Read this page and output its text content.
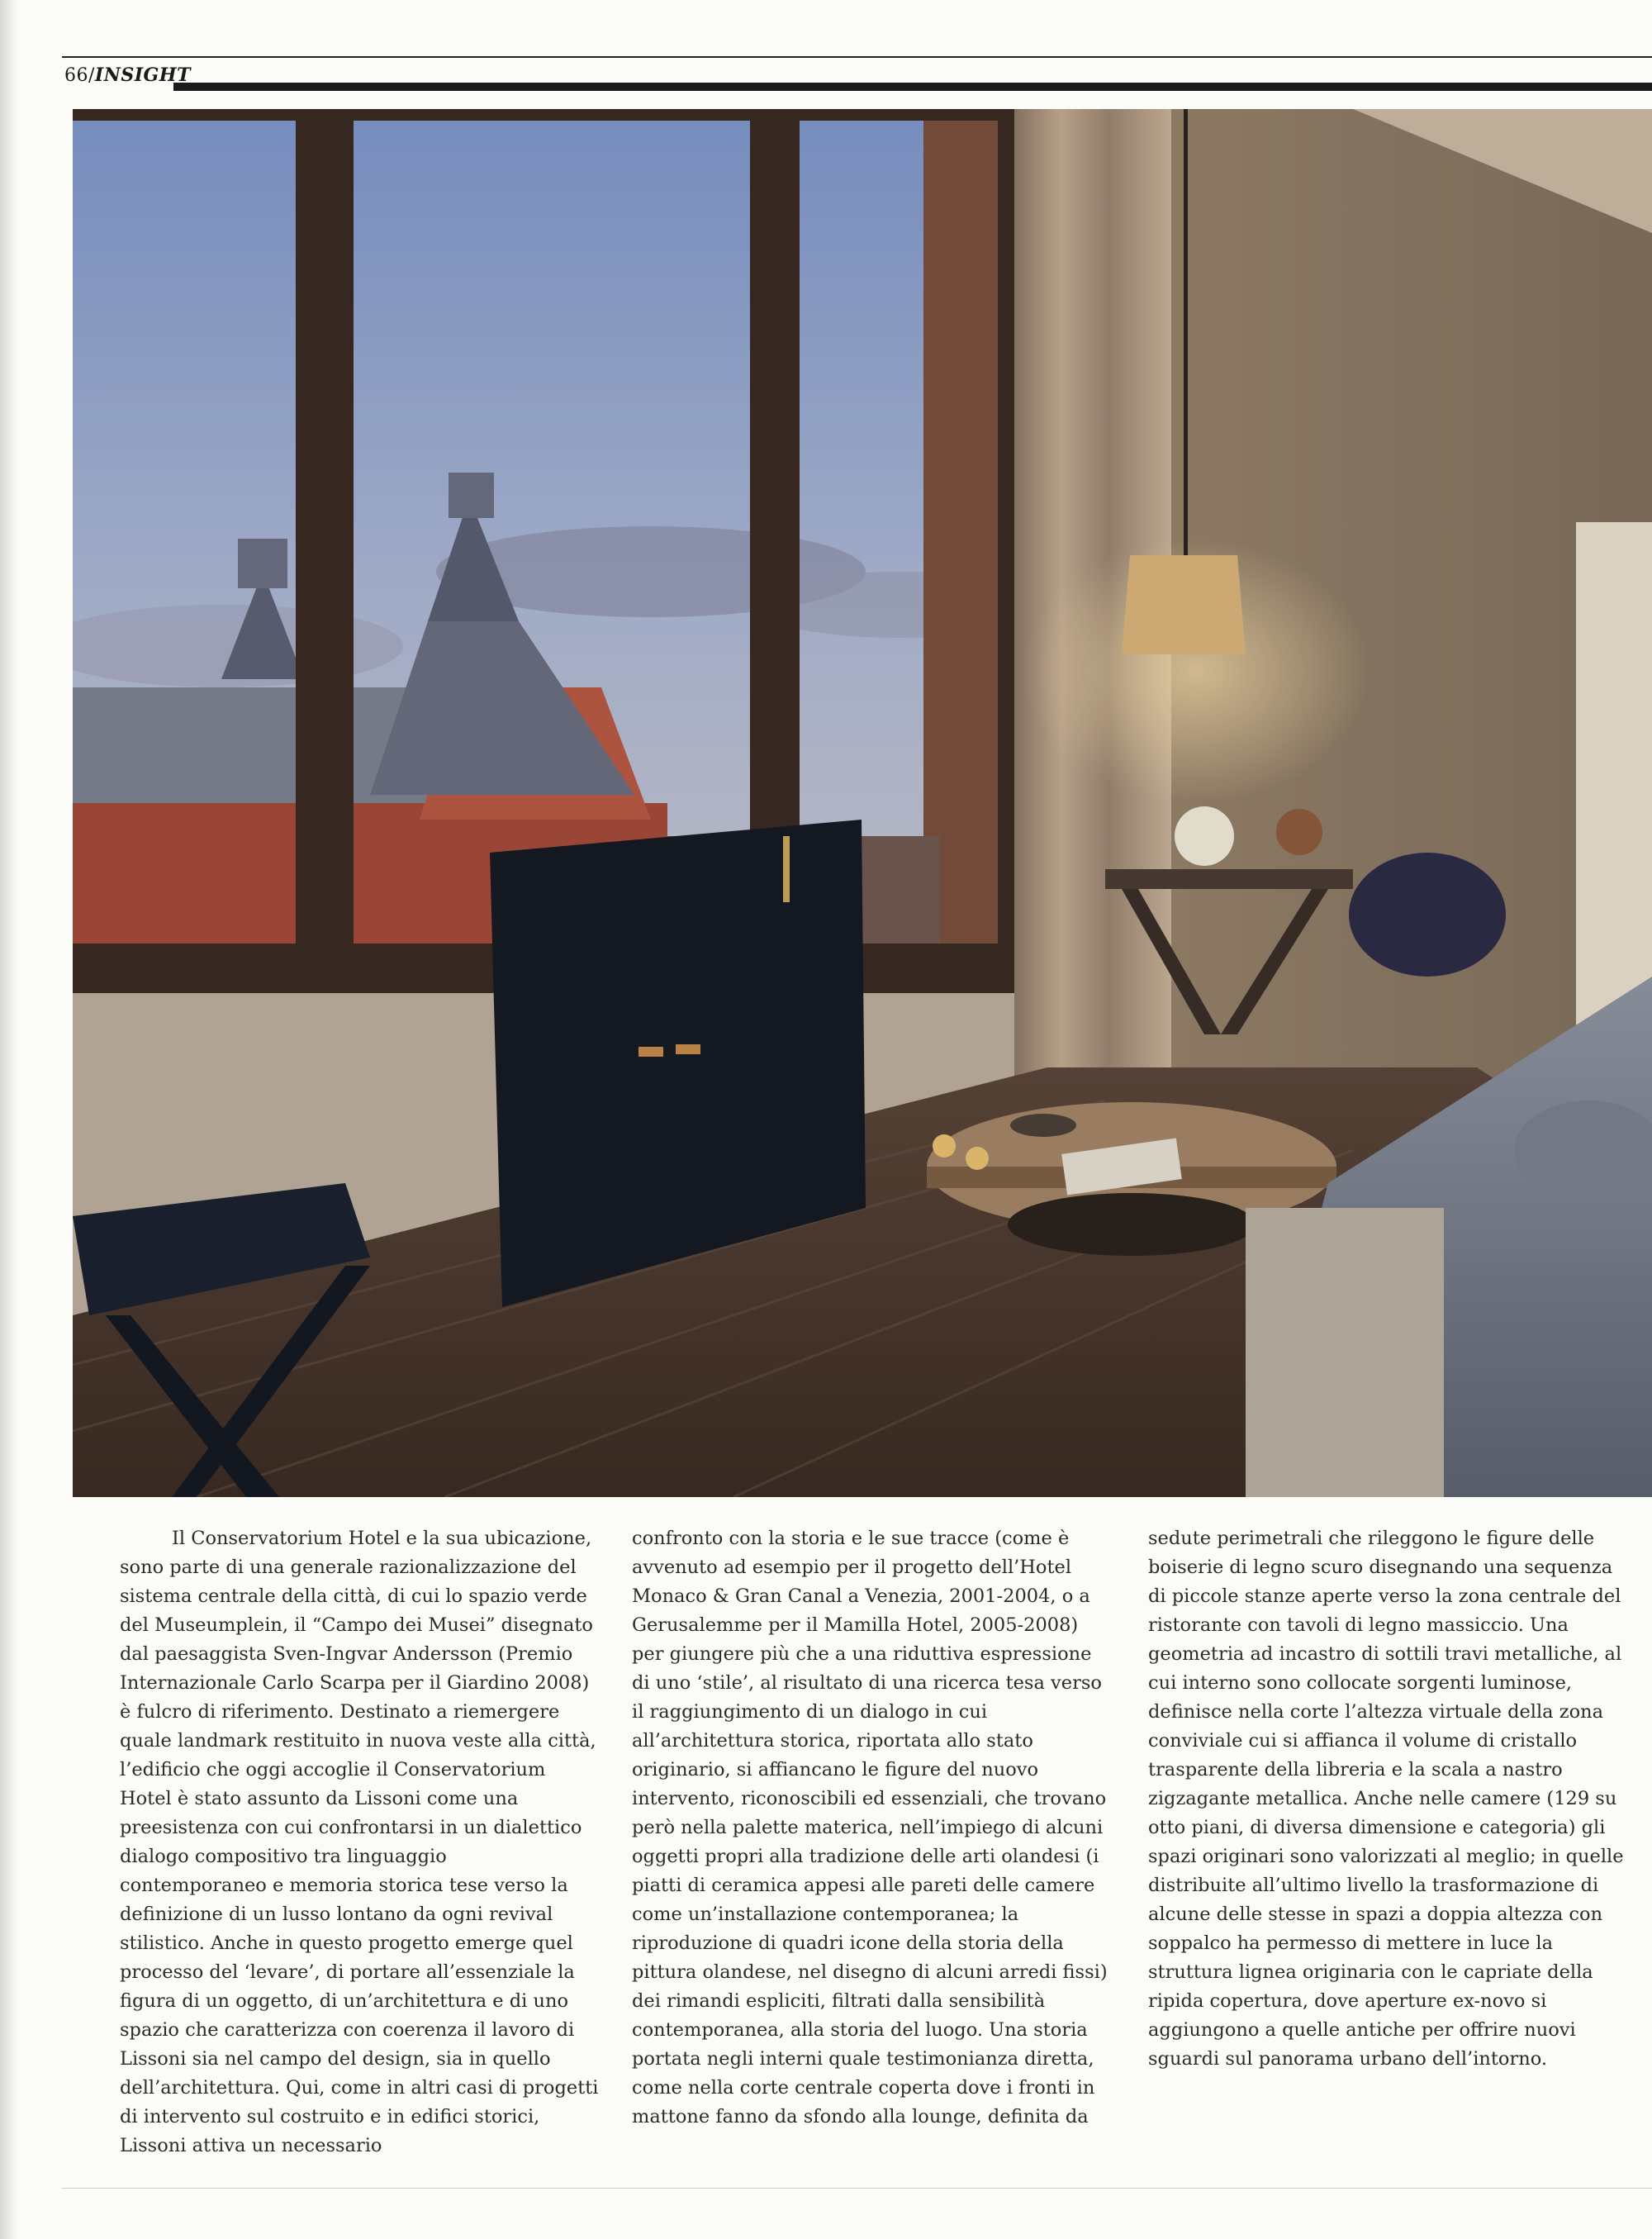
66/INSIGHT

Il Conservatorium Hotel e la sua ubicazione, sono parte di una generale razionalizzazione del sistema centrale della città, di cui lo spazio verde del Museumplein, il “Campo dei Musei” disegnato dal paesaggista Sven-Ingvar Andersson (Premio Internazionale Carlo Scarpa per il Giardino 2008) è fulcro di riferimento. Destinato a riemergere quale landmark restituito in nuova veste alla città, l’edificio che oggi accoglie il Conservatorium Hotel è stato assunto da Lissoni come una preesistenza con cui confrontarsi in un dialettico dialogo compositivo tra linguaggio contemporaneo e memoria storica tese verso la definizione di un lusso lontano da ogni revival stilistico. Anche in questo progetto emerge quel processo del ‘levare’, di portare all’essenziale la figura di un oggetto, di un’architettura e di uno spazio che caratterizza con coerenza il lavoro di Lissoni sia nel campo del design, sia in quello dell’architettura. Qui, come in altri casi di progetti di intervento sul costruito e in edifici storici, Lissoni attiva un necessario

confronto con la storia e le sue tracce (come è avvenuto ad esempio per il progetto dell’Hotel Monaco & Gran Canal a Venezia, 2001-2004, o a Gerusalemme per il Mamilla Hotel, 2005-2008) per giungere più che a una riduttiva espressione di uno ‘stile’, al risultato di una ricerca tesa verso il raggiungimento di un dialogo in cui all’architettura storica, riportata allo stato originario, si affiancano le figure del nuovo intervento, riconoscibili ed essenziali, che trovano però nella palette materica, nell’impiego di alcuni oggetti propri alla tradizione delle arti olandesi (i piatti di ceramica appesi alle pareti delle camere come un’installazione contemporanea; la riproduzione di quadri icone della storia della pittura olandese, nel disegno di alcuni arredi fissi) dei rimandi espliciti, filtrati dalla sensibilità contemporanea, alla storia del luogo. Una storia portata negli interni quale testimonianza diretta, come nella corte centrale coperta dove i fronti in mattone fanno da sfondo alla lounge, definita da

sedute perimetrali che rileggono le figure delle boiserie di legno scuro disegnando una sequenza di piccole stanze aperte verso la zona centrale del ristorante con tavoli di legno massiccio. Una geometria ad incastro di sottili travi metalliche, al cui interno sono collocate sorgenti luminose, definisce nella corte l’altezza virtuale della zona conviviale cui si affianca il volume di cristallo trasparente della libreria e la scala a nastro zigzagante metallica. Anche nelle camere (129 su otto piani, di diversa dimensione e categoria) gli spazi originari sono valorizzati al meglio; in quelle distribuite all’ultimo livello la trasformazione di alcune delle stesse in spazi a doppia altezza con soppalco ha permesso di mettere in luce la struttura lignea originaria con le capriate della ripida copertura, dove aperture ex-novo si aggiungono a quelle antiche per offrire nuovi sguardi sul panorama urbano dell’intorno.
